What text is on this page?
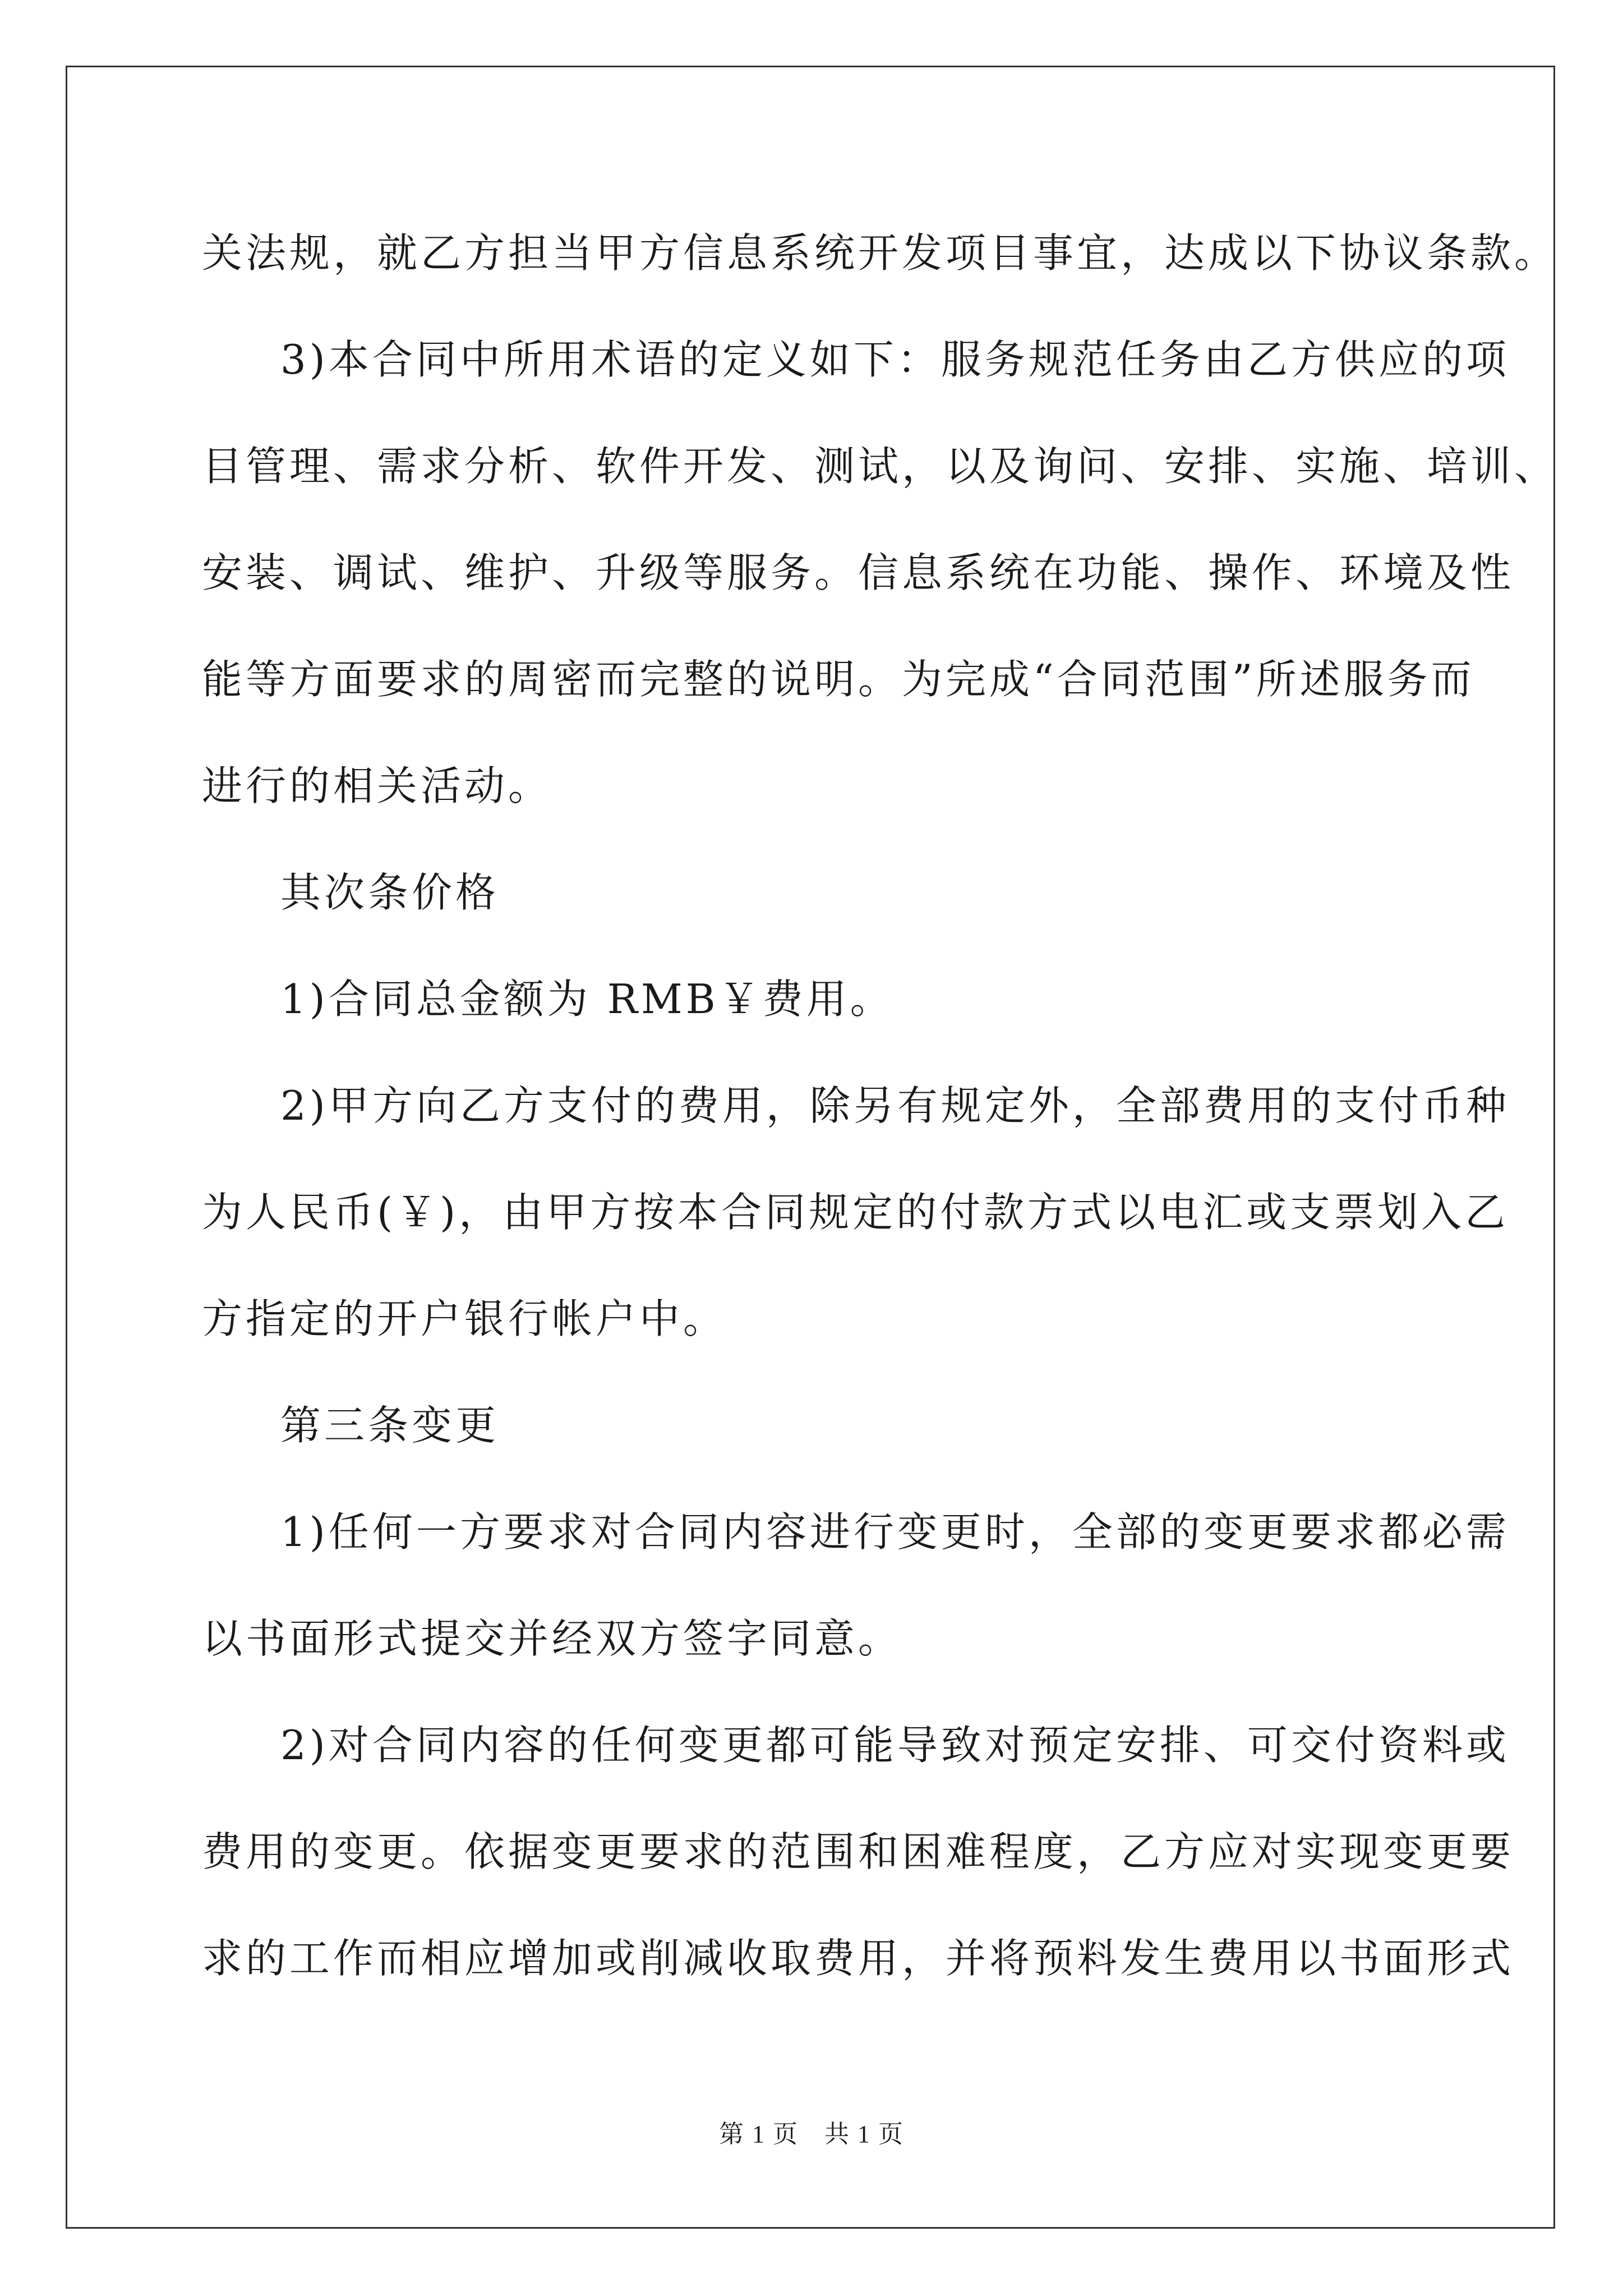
关法规，就乙方担当甲方信息系统开发项目事宜，达成以下协议条款。
3)本合同中所用术语的定义如下：服务规范任务由乙方供应的项
目管理、需求分析、软件开发、测试，以及询问、安排、实施、培训、
安装、调试、维护、升级等服务。信息系统在功能、操作、环境及性
能等方面要求的周密而完整的说明。为完成“合同范围”所述服务而
进行的相关活动。
其次条价格
1)合同总金额为 RMB￥费用。
2)甲方向乙方支付的费用，除另有规定外，全部费用的支付币种
为人民币(￥)，由甲方按本合同规定的付款方式以电汇或支票划入乙
方指定的开户银行帐户中。
第三条变更
1)任何一方要求对合同内容进行变更时，全部的变更要求都必需
以书面形式提交并经双方签字同意。
2)对合同内容的任何变更都可能导致对预定安排、可交付资料或
费用的变更。依据变更要求的范围和困难程度，乙方应对实现变更要
求的工作而相应增加或削减收取费用，并将预料发生费用以书面形式
第 1 页　共 1 页
